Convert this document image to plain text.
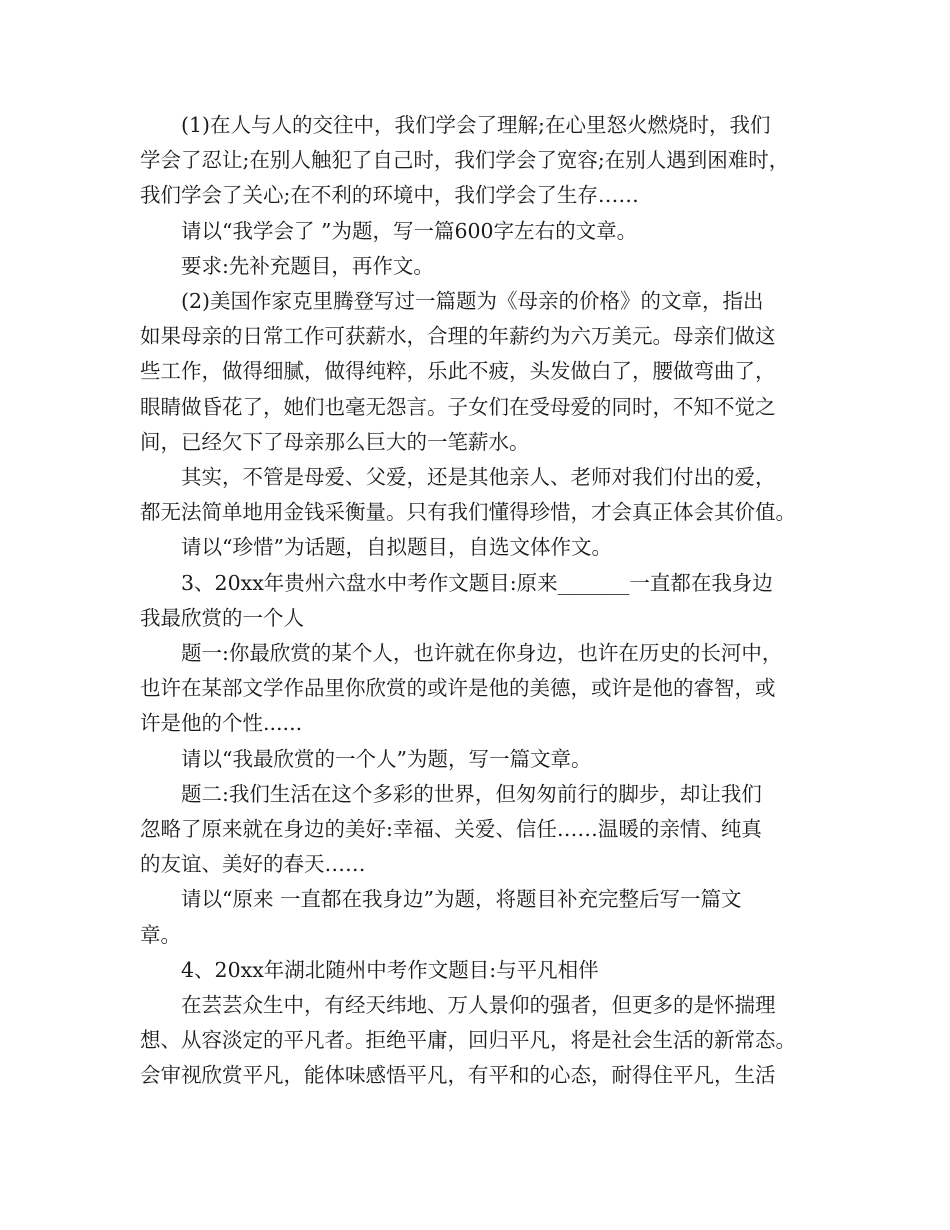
(1)在人与人的交往中，我们学会了理解;在心里怒火燃烧时，我们
学会了忍让;在别人触犯了自己时，我们学会了宽容;在别人遇到困难时，
我们学会了关心;在不利的环境中，我们学会了生存……

请以“我学会了 ”为题，写一篇600字左右的文章。

要求:先补充题目，再作文。

(2)美国作家克里腾登写过一篇题为《母亲的价格》的文章，指出
如果母亲的日常工作可获薪水，合理的年薪约为六万美元。母亲们做这
些工作，做得细腻，做得纯粹，乐此不疲，头发做白了，腰做弯曲了，
眼睛做昏花了，她们也毫无怨言。子女们在受母爱的同时，不知不觉之
间，已经欠下了母亲那么巨大的一笔薪水。

其实，不管是母爱、父爱，还是其他亲人、老师对我们付出的爱，
都无法简单地用金钱采衡量。只有我们懂得珍惜，才会真正体会其价值。

请以“珍惜”为话题，自拟题目，自选文体作文。

3、20xx年贵州六盘水中考作文题目:原来_______一直都在我身边
我最欣赏的一个人

题一:你最欣赏的某个人，也许就在你身边，也许在历史的长河中，
也许在某部文学作品里你欣赏的或许是他的美德，或许是他的睿智，或
许是他的个性......

请以“我最欣赏的一个人”为题，写一篇文章。

题二:我们生活在这个多彩的世界，但匆匆前行的脚步，却让我们
忽略了原来就在身边的美好:幸福、关爱、信任……温暖的亲情、纯真
的友谊、美好的春天……

请以“原来 一直都在我身边”为题，将题目补充完整后写一篇文
章。

4、20xx年湖北随州中考作文题目:与平凡相伴

在芸芸众生中，有经天纬地、万人景仰的强者，但更多的是怀揣理
想、从容淡定的平凡者。拒绝平庸，回归平凡，将是社会生活的新常态。
会审视欣赏平凡，能体味感悟平凡，有平和的心态，耐得住平凡，生活
